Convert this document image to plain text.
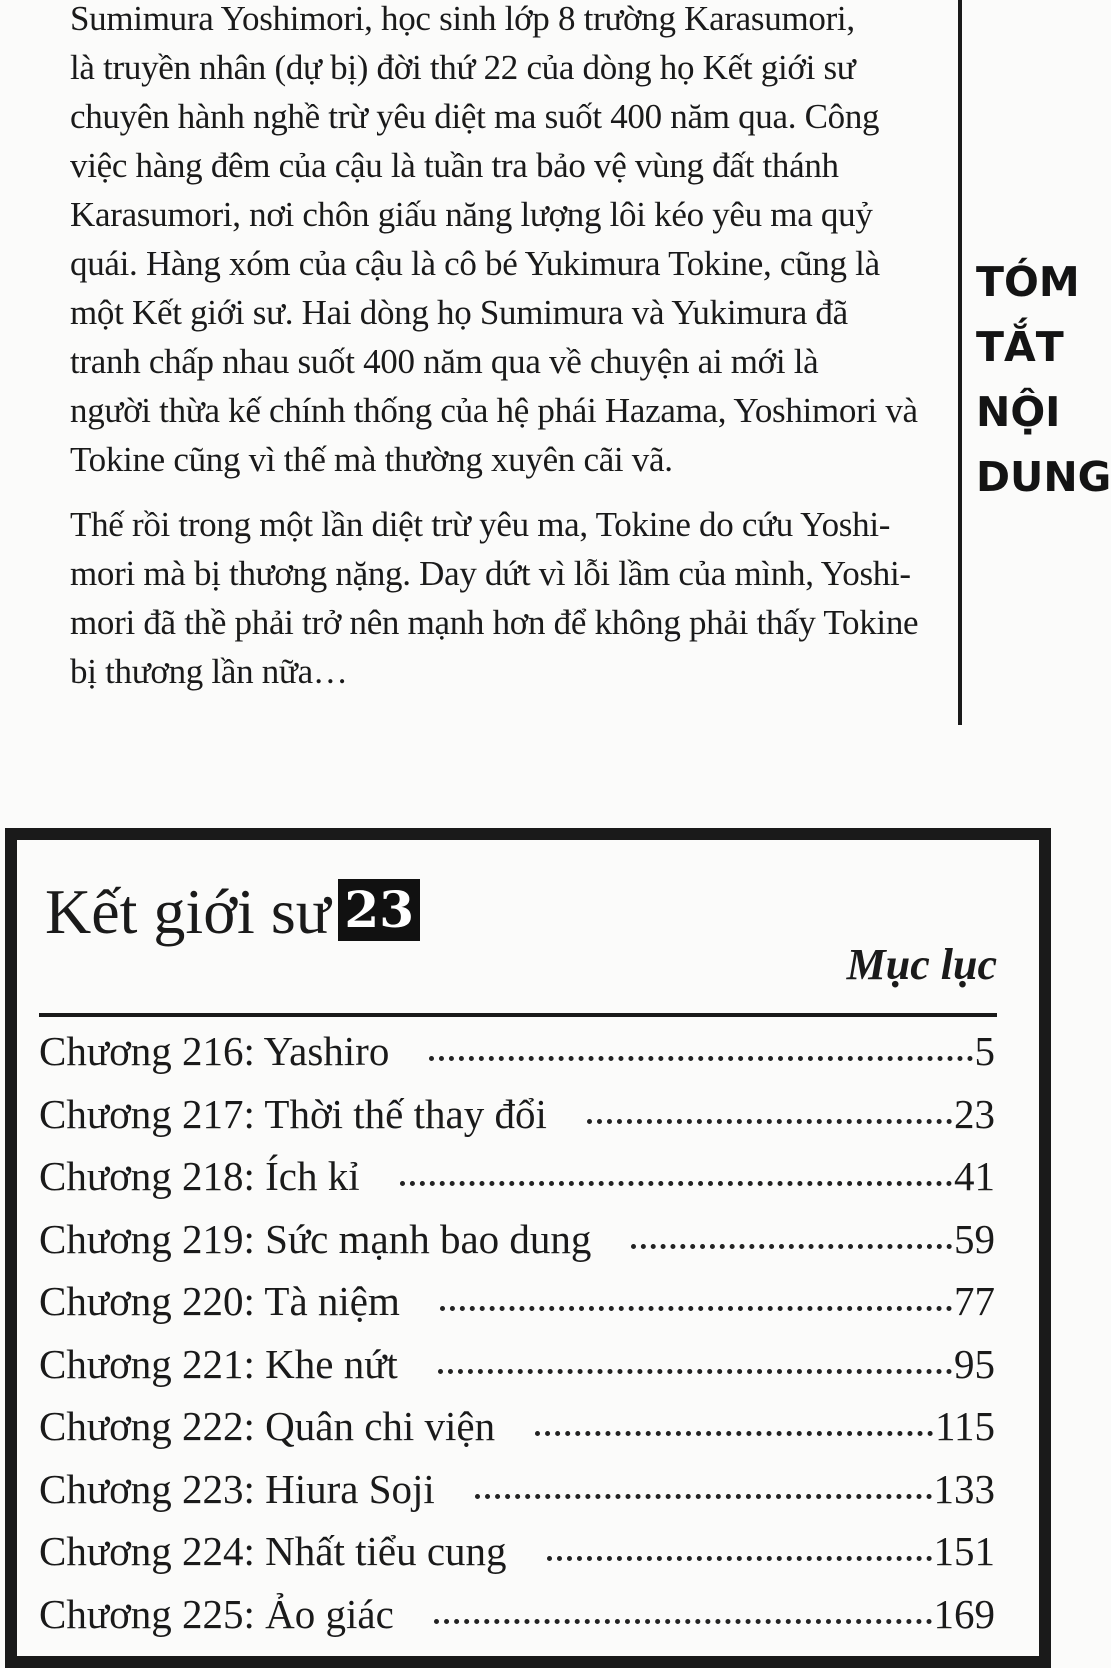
Sumimura Yoshimori, học sinh lớp 8 trường Karasumori,

là truyền nhân (dự bị) đời thứ 22 của dòng họ Kết giới sư

chuyên hành nghề trừ yêu diệt ma suốt 400 năm qua. Công

việc hàng đêm của cậu là tuần tra bảo vệ vùng đất thánh

Karasumori, nơi chôn giấu năng lượng lôi kéo yêu ma quỷ

quái. Hàng xóm của cậu là cô bé Yukimura Tokine, cũng là

một Kết giới sư. Hai dòng họ Sumimura và Yukimura đã

tranh chấp nhau suốt 400 năm qua về chuyện ai mới là

người thừa kế chính thống của hệ phái Hazama, Yoshimori và

Tokine cũng vì thế mà thường xuyên cãi vã.

Thế rồi trong một lần diệt trừ yêu ma, Tokine do cứu Yoshi-

mori mà bị thương nặng. Day dứt vì lỗi lầm của mình, Yoshi-

mori đã thề phải trở nên mạnh hơn để không phải thấy Tokine

bị thương lần nữa…

TÓM
TẮT
NỘI
DUNG
Kết giới sư 23
Mục lục
Chương 216: Yashiro	5
Chương 217: Thời thế thay đổi	23
Chương 218: Ích kỉ	41
Chương 219: Sức mạnh bao dung	59
Chương 220: Tà niệm	77
Chương 221: Khe nứt	95
Chương 222: Quân chi viện	115
Chương 223: Hiura Soji	133
Chương 224: Nhất tiểu cung	151
Chương 225: Ảo giác	169
